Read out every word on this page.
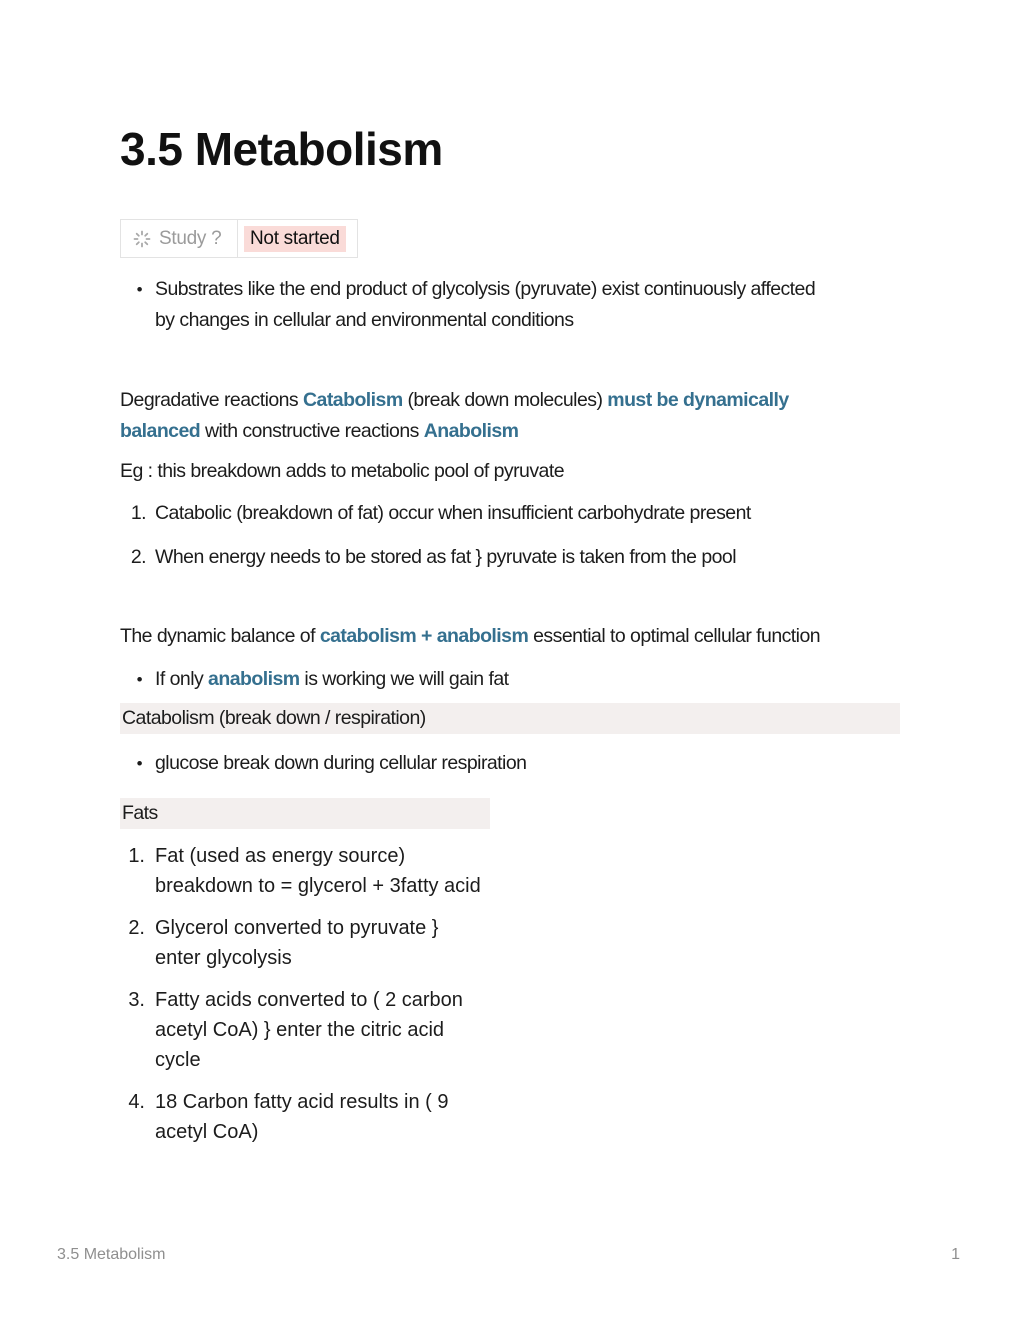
3.5 Metabolism
Study ?	Not started
• Substrates like the end product of glycolysis (pyruvate) exist continuously affected
by changes in cellular and environmental conditions

Degradative reactions Catabolism (break down molecules) must be dynamically
balanced with constructive reactions Anabolism

Eg : this breakdown adds to metabolic pool of pyruvate

1. Catabolic (breakdown of fat) occur when insufficient carbohydrate present
2. When energy needs to be stored as fat } pyruvate is taken from the pool

The dynamic balance of catabolism + anabolism essential to optimal cellular function

• If only anabolism is working we will gain fat
Catabolism (break down / respiration)
• glucose break down during cellular respiration
Fats
1. Fat (used as energy source)
breakdown to = glycerol + 3fatty acid
2. Glycerol converted to pyruvate }
enter glycolysis
3. Fatty acids converted to ( 2 carbon
acetyl CoA) } enter the citric acid
cycle
4. 18 Carbon fatty acid results in ( 9
acetyl CoA)
3.5 Metabolism	1
